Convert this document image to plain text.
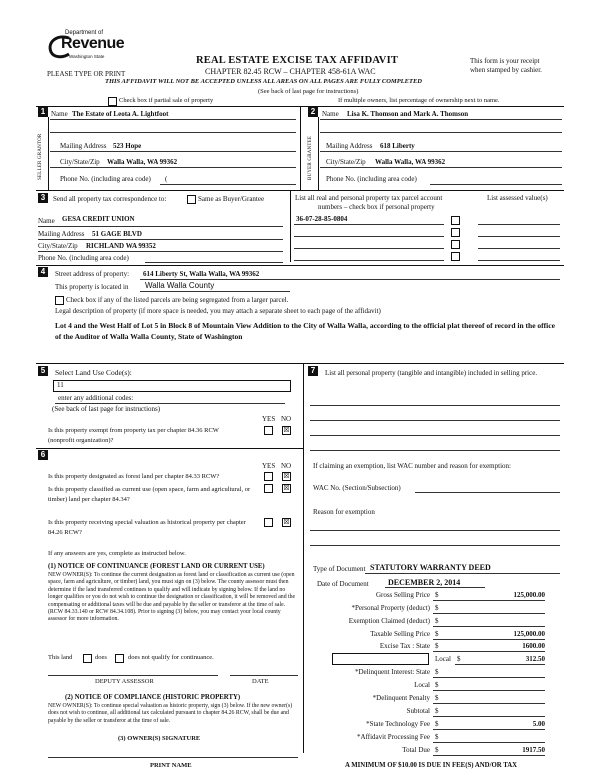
Department of
Revenue
Washington State	REAL ESTATE EXCISE TAX AFFIDAVIT
CHAPTER 82.45 RCW – CHAPTER 458-61A WAC
This form is your receipt
when stamped by cashier.
PLEASE TYPE OR PRINT
THIS AFFIDAVIT WILL NOT BE ACCEPTED UNLESS ALL AREAS ON ALL PAGES ARE FULLY COMPLETED
(See back of last page for instructions)
Check box if partial sale of property	If multiple owners, list percentage of ownership next to name.
1	2
SELLER GRANTOR	BUYER GRANTEE
Name The Estate of Leota A. Lightfoot
Mailing Address 523 Hope
City/State/Zip Walla Walla, WA 99362
Phone No. (including area code) (
Name Lisa K. Thomson and Mark A. Thomson
Mailing Address 618 Liberty
City/State/Zip Walla Walla, WA 99362
Phone No. (including area code)
3	Send all property tax correspondence to:	Same as Buyer/Grantee	List all real and personal property tax parcel account
numbers – check box if personal property
List assessed value(s)
Name GESA CREDIT UNION
Mailing Address 51 GAGE BLVD
City/State/Zip RICHLAND WA 99352
Phone No. (including area code)
36-07-28-85-0804
4	Street address of property: 614 Liberty St, Walla Walla, WA 99362
This property is located in Walla Walla County
Check box if any of the listed parcels are being segregated from a larger parcel.
Legal description of property (if more space is needed, you may attach a separate sheet to each page of the affidavit)
Lot 4 and the West Half of Lot 5 in Block 8 of Mountain View Addition to the City of Walla Walla, according to the official plat thereof of record in the office of the Auditor of Walla Walla County, State of Washington
5	Select Land Use Code(s):
11
enter any additional codes:
(See back of last page for instructions)
YES NO
Is this property exempt from property tax per chapter 84.36 RCW (nonprofit organization)?
☒
6
YES NO
Is this property designated as forest land per chapter 84.33 RCW?	☒
Is this property classified as current use (open space, farm and agricultural, or timber) land per chapter 84.34?
☒
Is this property receiving special valuation as historical property per chapter 84.26 RCW?
☒
If any answers are yes, complete as instructed below.
(1) NOTICE OF CONTINUANCE (FOREST LAND OR CURRENT USE)
NEW OWNER(S): To continue the current designation as forest land or classification as current use (open space, farm and agriculture, or timber) land, you must sign on (3) below. The county assessor must then determine if the land transferred continues to qualify and will indicate by signing below. If the land no longer qualifies or you do not wish to continue the designation or classification, it will be removed and the compensating or additional taxes will be due and payable by the seller or transferor at the time of sale. (RCW 84.33.140 or RCW 84.34.108). Prior to signing (3) below, you may contact your local county assessor for more information.
This land	does	does not qualify for continuance.
DEPUTY ASSESSOR	DATE
(2) NOTICE OF COMPLIANCE (HISTORIC PROPERTY)
NEW OWNER(S): To continue special valuation as historic property, sign (3) below. If the new owner(s) does not wish to continue, all additional tax calculated pursuant to chapter 84.26 RCW, shall be due and payable by the seller or transferor at the time of sale.
(3) OWNER(S) SIGNATURE
PRINT NAME
7	List all personal property (tangible and intangible) included in selling price.
If claiming an exemption, list WAC number and reason for exemption:
WAC No. (Section/Subsection)
Reason for exemption
Type of Document STATUTORY WARRANTY DEED
Date of Document DECEMBER 2, 2014
Gross Selling Price $	125,000.00
*Personal Property (deduct) $
Exemption Claimed (deduct) $
Taxable Selling Price $	125,000.00
Excise Tax : State $	1600.00
Local $	312.50
*Delinquent Interest: State $
Local $
*Delinquent Penalty $
Subtotal $
*State Technology Fee $	5.00
*Affidavit Processing Fee $
Total Due $	1917.50
A MINIMUM OF $10.00 IS DUE IN FEE(S) AND/OR TAX
